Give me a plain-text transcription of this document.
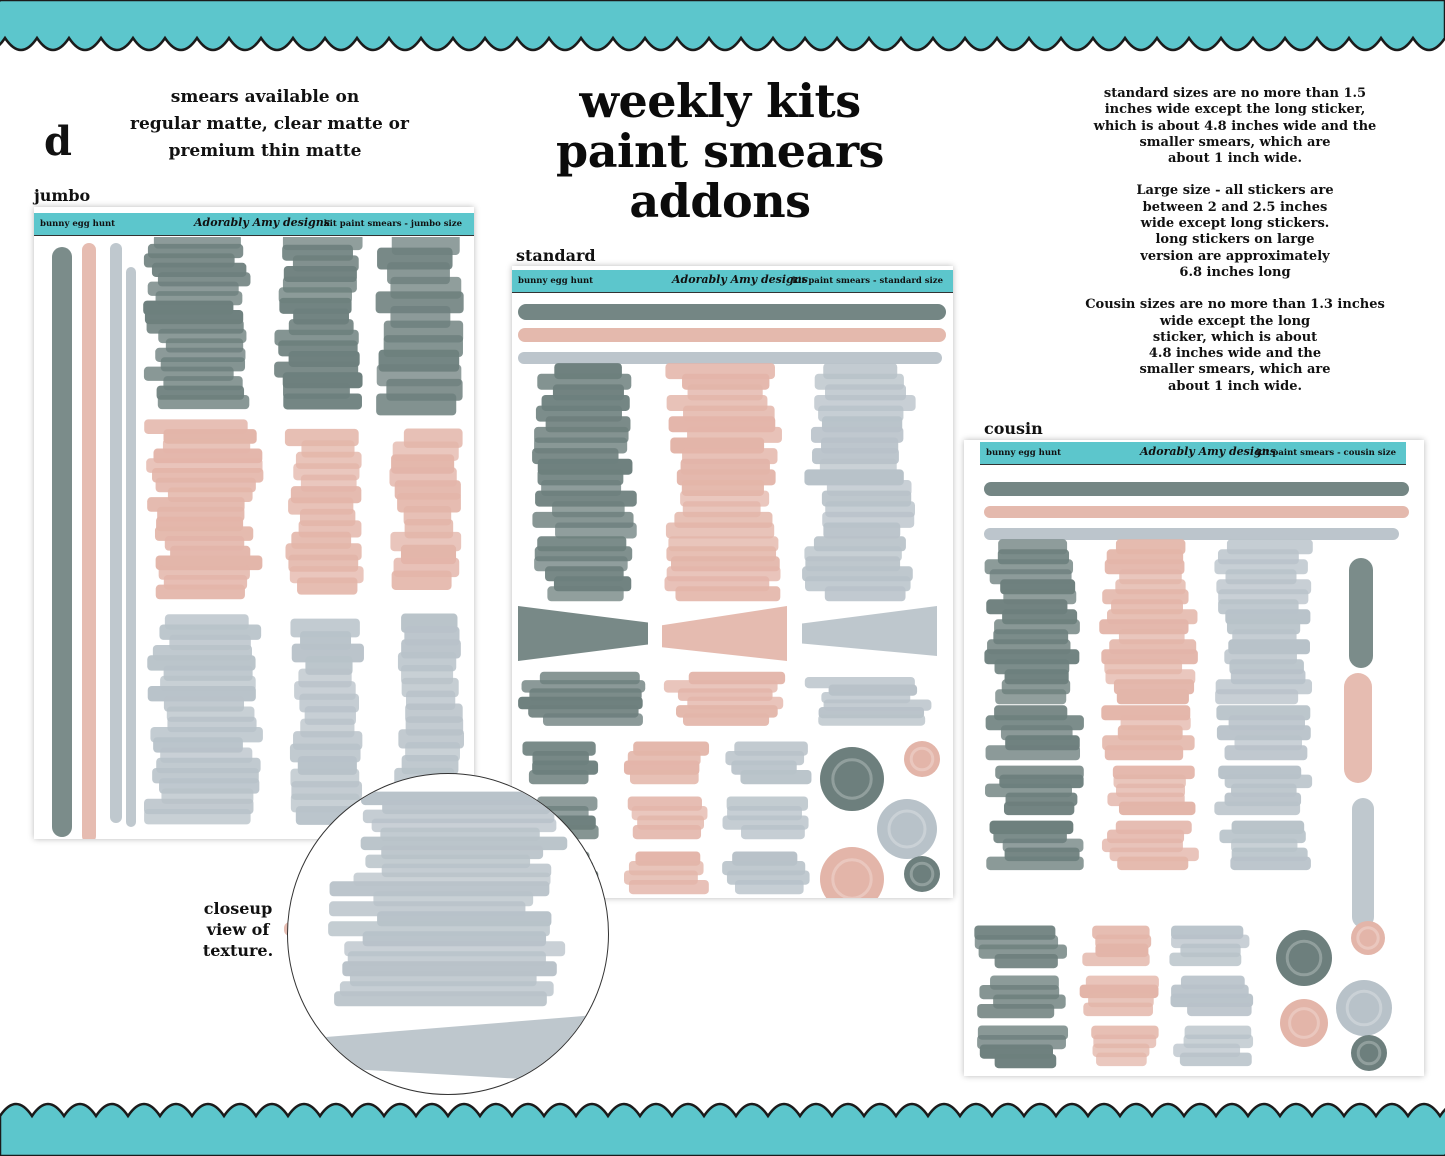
d
smears available on
regular matte, clear matte or
premium thin matte
weekly kits
paint smears addons
standard sizes are no more than 1.5
inches wide except the long sticker,
which is about 4.8 inches wide and the
smaller smears, which are
about 1 inch wide.
Large size - all stickers are
between 2 and 2.5 inches
wide except long stickers.
long stickers on large
version are approximately
6.8 inches long
Cousin sizes are no more than 1.3 inches
wide except the long
sticker, which is about
4.8 inches wide and the
smaller smears, which are
about 1 inch wide.
jumbo
bunny egg hunt	Adorably Amy designs
kit paint smears - jumbo size
standard
bunny egg hunt	Adorably Amy designs
kit paint smears - standard size
cousin
bunny egg hunt	Adorably Amy designs
kit paint smears - cousin size
closeup
view of
texture.
